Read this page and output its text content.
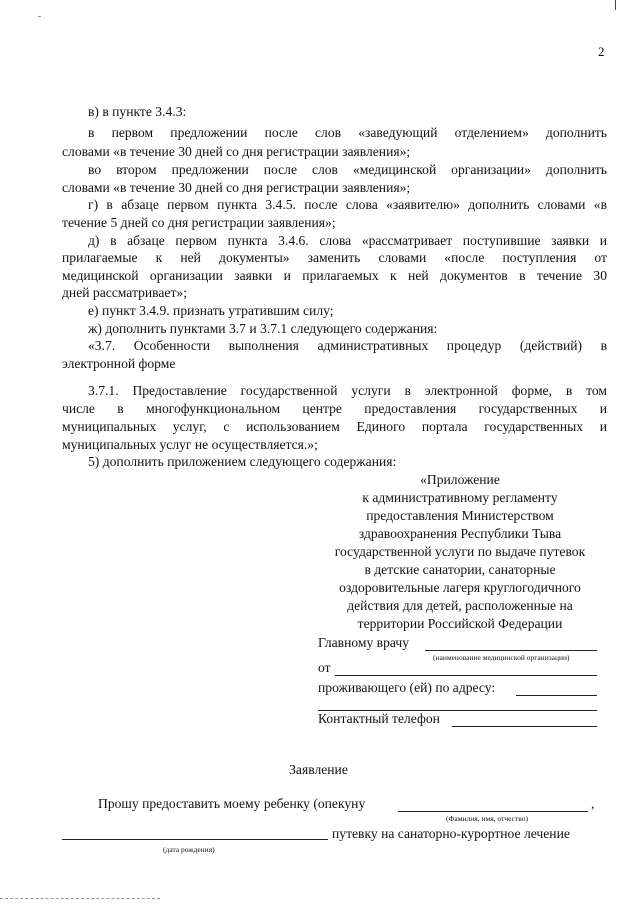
2
в) в пункте 3.4.3:
в первом предложении после слов «заведующий отделением» дополнить
словами «в течение 30 дней со дня регистрации заявления»;
во втором предложении после слов «медицинской организации» дополнить
словами «в течение 30 дней со дня регистрации заявления»;
г) в абзаце первом пункта 3.4.5. после слова «заявителю» дополнить словами «в
течение 5 дней со дня регистрации заявления»;
д) в абзаце первом пункта 3.4.6. слова «рассматривает поступившие заявки и
прилагаемые к ней документы» заменить словами «после поступления от
медицинской организации заявки и прилагаемых к ней документов в течение 30
дней рассматривает»;
е) пункт 3.4.9. признать утратившим силу;
ж) дополнить пунктами 3.7 и 3.7.1 следующего содержания:
«3.7. Особенности выполнения административных процедур (действий) в
электронной форме
3.7.1. Предоставление государственной услуги в электронной форме, в том
числе в многофункциональном центре предоставления государственных и
муниципальных услуг, с использованием Единого портала государственных и
муниципальных услуг не осуществляется.»;
5) дополнить приложением следующего содержания:
«Приложение
к административному регламенту
предоставления Министерством
здравоохранения Республики Тыва
государственной услуги по выдаче путевок
в детские санатории, санаторные
оздоровительные лагеря круглогодичного
действия для детей, расположенные на
территории Российской Федерации
Главному врачу
(наименование медицинской организации)
от
проживающего (ей) по адресу:
Контактный телефон
Заявление
Прошу предоставить моему ребенку (опекуну	,
(Фамилия, имя, отчество)
путевку на санаторно-курортное лечение
(дата рождения)
